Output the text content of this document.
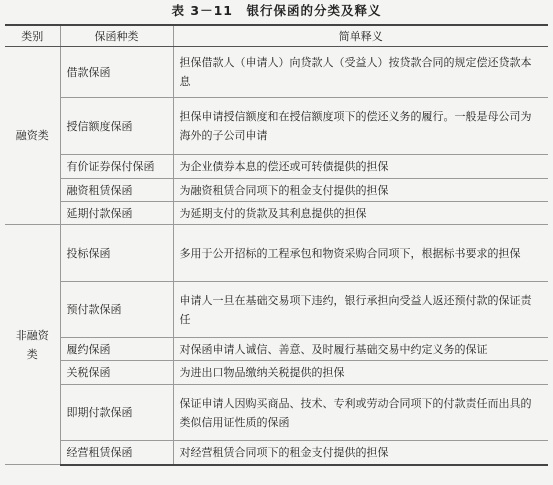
表 3－11　银行保函的分类及释义
类别	保函种类	简单释义
融资类	借款保函	担保借款人（申请人）向贷款人（受益人）按贷款合同的规定偿还贷款本息
	授信额度保函	担保申请授信额度和在授信额度项下的偿还义务的履行。一般是母公司为海外的子公司申请
	有价证券保付保函	为企业债券本息的偿还或可转债提供的担保
	融资租赁保函	为融资租赁合同项下的租金支付提供的担保
	延期付款保函	为延期支付的货款及其利息提供的担保
非融资类	投标保函	多用于公开招标的工程承包和物资采购合同项下，根据标书要求的担保
	预付款保函	申请人一旦在基础交易项下违约，银行承担向受益人返还预付款的保证责任
	履约保函	对保函申请人诚信、善意、及时履行基础交易中约定义务的保证
	关税保函	为进出口物品缴纳关税提供的担保
	即期付款保函	保证申请人因购买商品、技术、专利或劳动合同项下的付款责任而出具的类似信用证性质的保函
	经营租赁保函	对经营租赁合同项下的租金支付提供的担保
